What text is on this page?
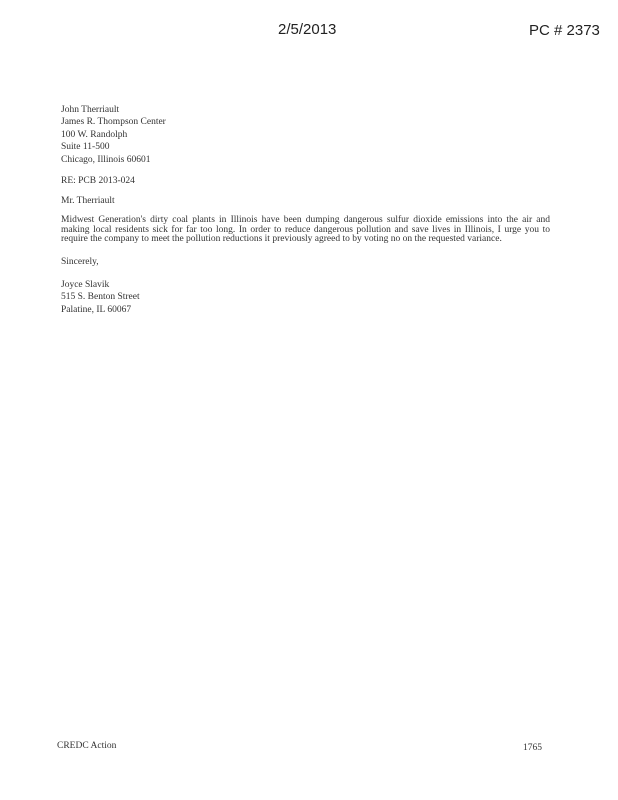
2/5/2013	PC # 2373
John Therriault
James R. Thompson Center
100 W. Randolph
Suite 11-500
Chicago, Illinois 60601

RE: PCB 2013-024

Mr. Therriault

Midwest Generation's dirty coal plants in Illinois have been dumping dangerous sulfur dioxide emissions into the air and making local residents sick for far too long. In order to reduce dangerous pollution and save lives in Illinois, I urge you to require the company to meet the pollution reductions it previously agreed to by voting no on the requested variance.

Sincerely,

Joyce Slavik
515 S. Benton Street
Palatine, IL 60067
CREDC Action	1765
